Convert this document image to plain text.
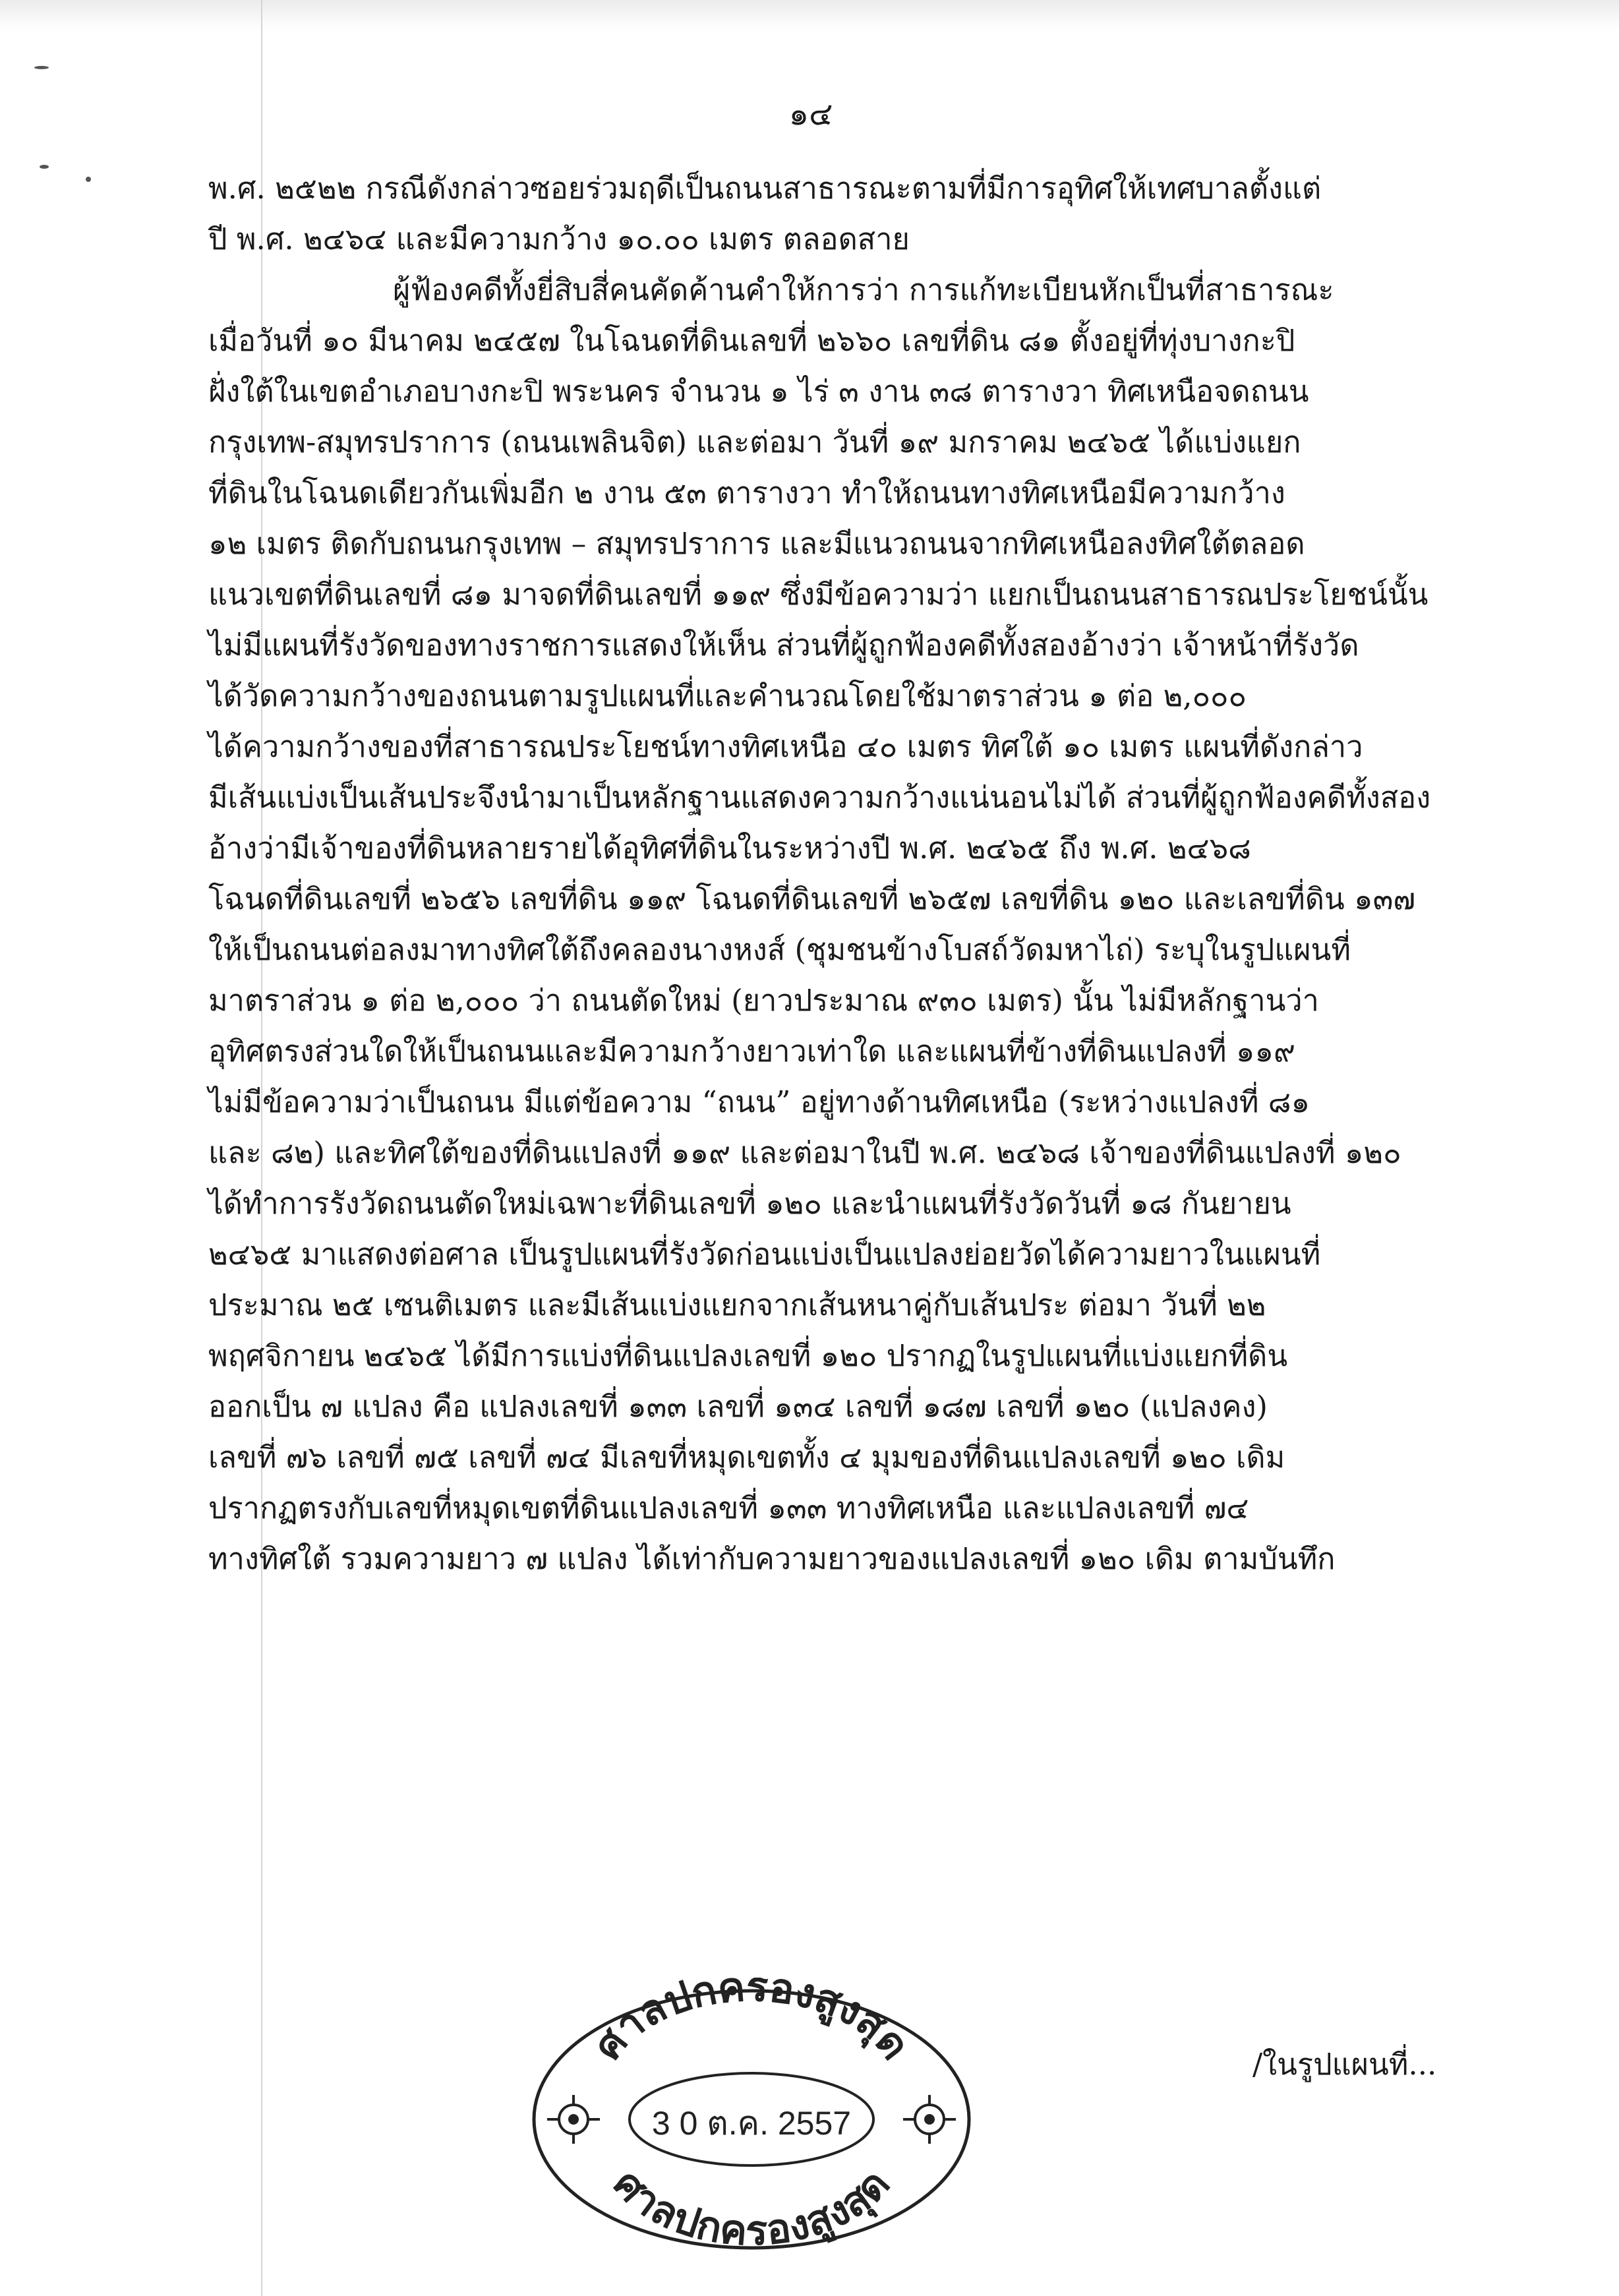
๑๔
พ.ศ. ๒๕๒๒ กรณีดังกล่าวซอยร่วมฤดีเป็นถนนสาธารณะตามที่มีการอุทิศให้เทศบาลตั้งแต่
ปี พ.ศ. ๒๔๖๔ และมีความกว้าง ๑๐.๐๐ เมตร ตลอดสาย
ผู้ฟ้องคดีทั้งยี่สิบสี่คนคัดค้านคำให้การว่า การแก้ทะเบียนหักเป็นที่สาธารณะ
เมื่อวันที่ ๑๐ มีนาคม ๒๔๕๗ ในโฉนดที่ดินเลขที่ ๒๖๖๐ เลขที่ดิน ๘๑ ตั้งอยู่ที่ทุ่งบางกะปิ
ฝั่งใต้ในเขตอำเภอบางกะปิ พระนคร จำนวน ๑ ไร่ ๓ งาน ๓๘ ตารางวา ทิศเหนือจดถนน
กรุงเทพ-สมุทรปราการ (ถนนเพลินจิต) และต่อมา วันที่ ๑๙ มกราคม ๒๔๖๕ ได้แบ่งแยก
ที่ดินในโฉนดเดียวกันเพิ่มอีก ๒ งาน ๕๓ ตารางวา ทำให้ถนนทางทิศเหนือมีความกว้าง
๑๒ เมตร ติดกับถนนกรุงเทพ – สมุทรปราการ และมีแนวถนนจากทิศเหนือลงทิศใต้ตลอด
แนวเขตที่ดินเลขที่ ๘๑ มาจดที่ดินเลขที่ ๑๑๙ ซึ่งมีข้อความว่า แยกเป็นถนนสาธารณประโยชน์นั้น
ไม่มีแผนที่รังวัดของทางราชการแสดงให้เห็น ส่วนที่ผู้ถูกฟ้องคดีทั้งสองอ้างว่า เจ้าหน้าที่รังวัด
ได้วัดความกว้างของถนนตามรูปแผนที่และคำนวณโดยใช้มาตราส่วน ๑ ต่อ ๒,๐๐๐
ได้ความกว้างของที่สาธารณประโยชน์ทางทิศเหนือ ๔๐ เมตร ทิศใต้ ๑๐ เมตร แผนที่ดังกล่าว
มีเส้นแบ่งเป็นเส้นประจึงนำมาเป็นหลักฐานแสดงความกว้างแน่นอนไม่ได้ ส่วนที่ผู้ถูกฟ้องคดีทั้งสอง
อ้างว่ามีเจ้าของที่ดินหลายรายได้อุทิศที่ดินในระหว่างปี พ.ศ. ๒๔๖๕ ถึง พ.ศ. ๒๔๖๘
โฉนดที่ดินเลขที่ ๒๖๕๖ เลขที่ดิน ๑๑๙ โฉนดที่ดินเลขที่ ๒๖๕๗ เลขที่ดิน ๑๒๐ และเลขที่ดิน ๑๓๗
ให้เป็นถนนต่อลงมาทางทิศใต้ถึงคลองนางหงส์ (ชุมชนข้างโบสถ์วัดมหาไถ่) ระบุในรูปแผนที่
มาตราส่วน ๑ ต่อ ๒,๐๐๐ ว่า ถนนตัดใหม่ (ยาวประมาณ ๙๓๐ เมตร) นั้น ไม่มีหลักฐานว่า
อุทิศตรงส่วนใดให้เป็นถนนและมีความกว้างยาวเท่าใด และแผนที่ข้างที่ดินแปลงที่ ๑๑๙
ไม่มีข้อความว่าเป็นถนน มีแต่ข้อความ “ถนน” อยู่ทางด้านทิศเหนือ (ระหว่างแปลงที่ ๘๑
และ ๘๒) และทิศใต้ของที่ดินแปลงที่ ๑๑๙ และต่อมาในปี พ.ศ. ๒๔๖๘ เจ้าของที่ดินแปลงที่ ๑๒๐
ได้ทำการรังวัดถนนตัดใหม่เฉพาะที่ดินเลขที่ ๑๒๐ และนำแผนที่รังวัดวันที่ ๑๘ กันยายน
๒๔๖๕ มาแสดงต่อศาล เป็นรูปแผนที่รังวัดก่อนแบ่งเป็นแปลงย่อยวัดได้ความยาวในแผนที่
ประมาณ ๒๕ เซนติเมตร และมีเส้นแบ่งแยกจากเส้นหนาคู่กับเส้นประ ต่อมา วันที่ ๒๒
พฤศจิกายน ๒๔๖๕ ได้มีการแบ่งที่ดินแปลงเลขที่ ๑๒๐ ปรากฏในรูปแผนที่แบ่งแยกที่ดิน
ออกเป็น ๗ แปลง คือ แปลงเลขที่ ๑๓๓ เลขที่ ๑๓๔ เลขที่ ๑๘๗ เลขที่ ๑๒๐ (แปลงคง)
เลขที่ ๗๖ เลขที่ ๗๕ เลขที่ ๗๔ มีเลขที่หมุดเขตทั้ง ๔ มุมของที่ดินแปลงเลขที่ ๑๒๐ เดิม
ปรากฏตรงกับเลขที่หมุดเขตที่ดินแปลงเลขที่ ๑๓๓ ทางทิศเหนือ และแปลงเลขที่ ๗๔
ทางทิศใต้ รวมความยาว ๗ แปลง ได้เท่ากับความยาวของแปลงเลขที่ ๑๒๐ เดิม ตามบันทึก
/ในรูปแผนที่...
ศาลปกครองสูงสุด
3 0 ต.ค. 2557
ศาลปกครองสูงสุด
